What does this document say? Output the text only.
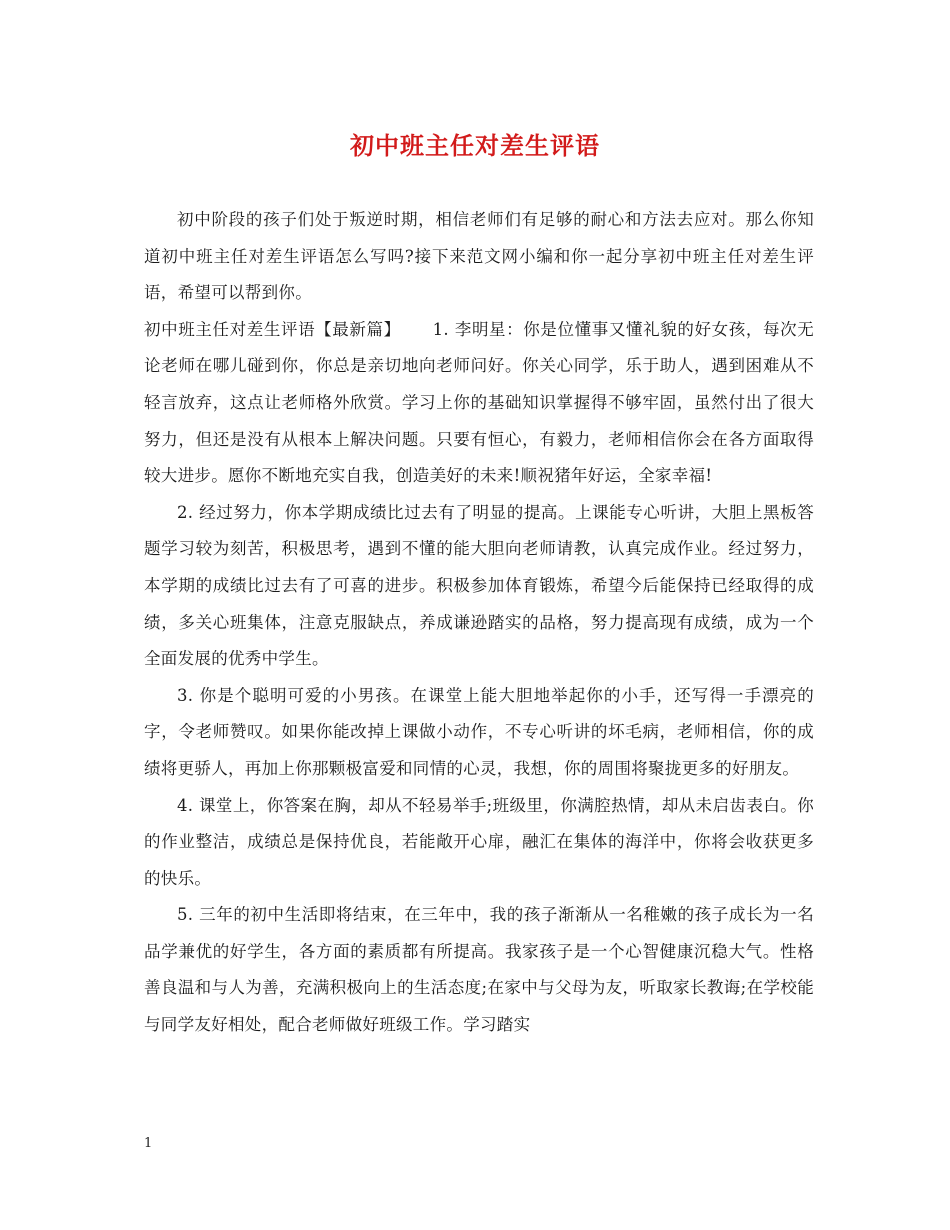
初中班主任对差生评语

初中阶段的孩子们处于叛逆时期，相信老师们有足够的耐心和方法去应对。那么你知道初中班主任对差生评语怎么写吗?接下来范文网小编和你一起分享初中班主任对差生评语，希望可以帮到你。

初中班主任对差生评语【最新篇】　　 1. 李明星：你是位懂事又懂礼貌的好女孩，每次无论老师在哪儿碰到你，你总是亲切地向老师问好。你关心同学，乐于助人，遇到困难从不轻言放弃，这点让老师格外欣赏。学习上你的基础知识掌握得不够牢固，虽然付出了很大努力，但还是没有从根本上解决问题。只要有恒心，有毅力，老师相信你会在各方面取得较大进步。愿你不断地充实自我，创造美好的未来!顺祝猪年好运，全家幸福!

2. 经过努力，你本学期成绩比过去有了明显的提高。上课能专心听讲，大胆上黑板答题学习较为刻苦，积极思考，遇到不懂的能大胆向老师请教，认真完成作业。经过努力，本学期的成绩比过去有了可喜的进步。积极参加体育锻炼，希望今后能保持已经取得的成绩，多关心班集体，注意克服缺点，养成谦逊踏实的品格，努力提高现有成绩，成为一个全面发展的优秀中学生。

3. 你是个聪明可爱的小男孩。在课堂上能大胆地举起你的小手，还写得一手漂亮的字，令老师赞叹。如果你能改掉上课做小动作，不专心听讲的坏毛病，老师相信，你的成绩将更骄人，再加上你那颗极富爱和同情的心灵，我想，你的周围将聚拢更多的好朋友。

4. 课堂上，你答案在胸，却从不轻易举手;班级里，你满腔热情，却从未启齿表白。你的作业整洁，成绩总是保持优良，若能敞开心扉，融汇在集体的海洋中，你将会收获更多的快乐。

5. 三年的初中生活即将结束，在三年中，我的孩子渐渐从一名稚嫩的孩子成长为一名品学兼优的好学生，各方面的素质都有所提高。我家孩子是一个心智健康沉稳大气。性格善良温和与人为善，充满积极向上的生活态度;在家中与父母为友，听取家长教诲;在学校能与同学友好相处，配合老师做好班级工作。学习踏实

1
